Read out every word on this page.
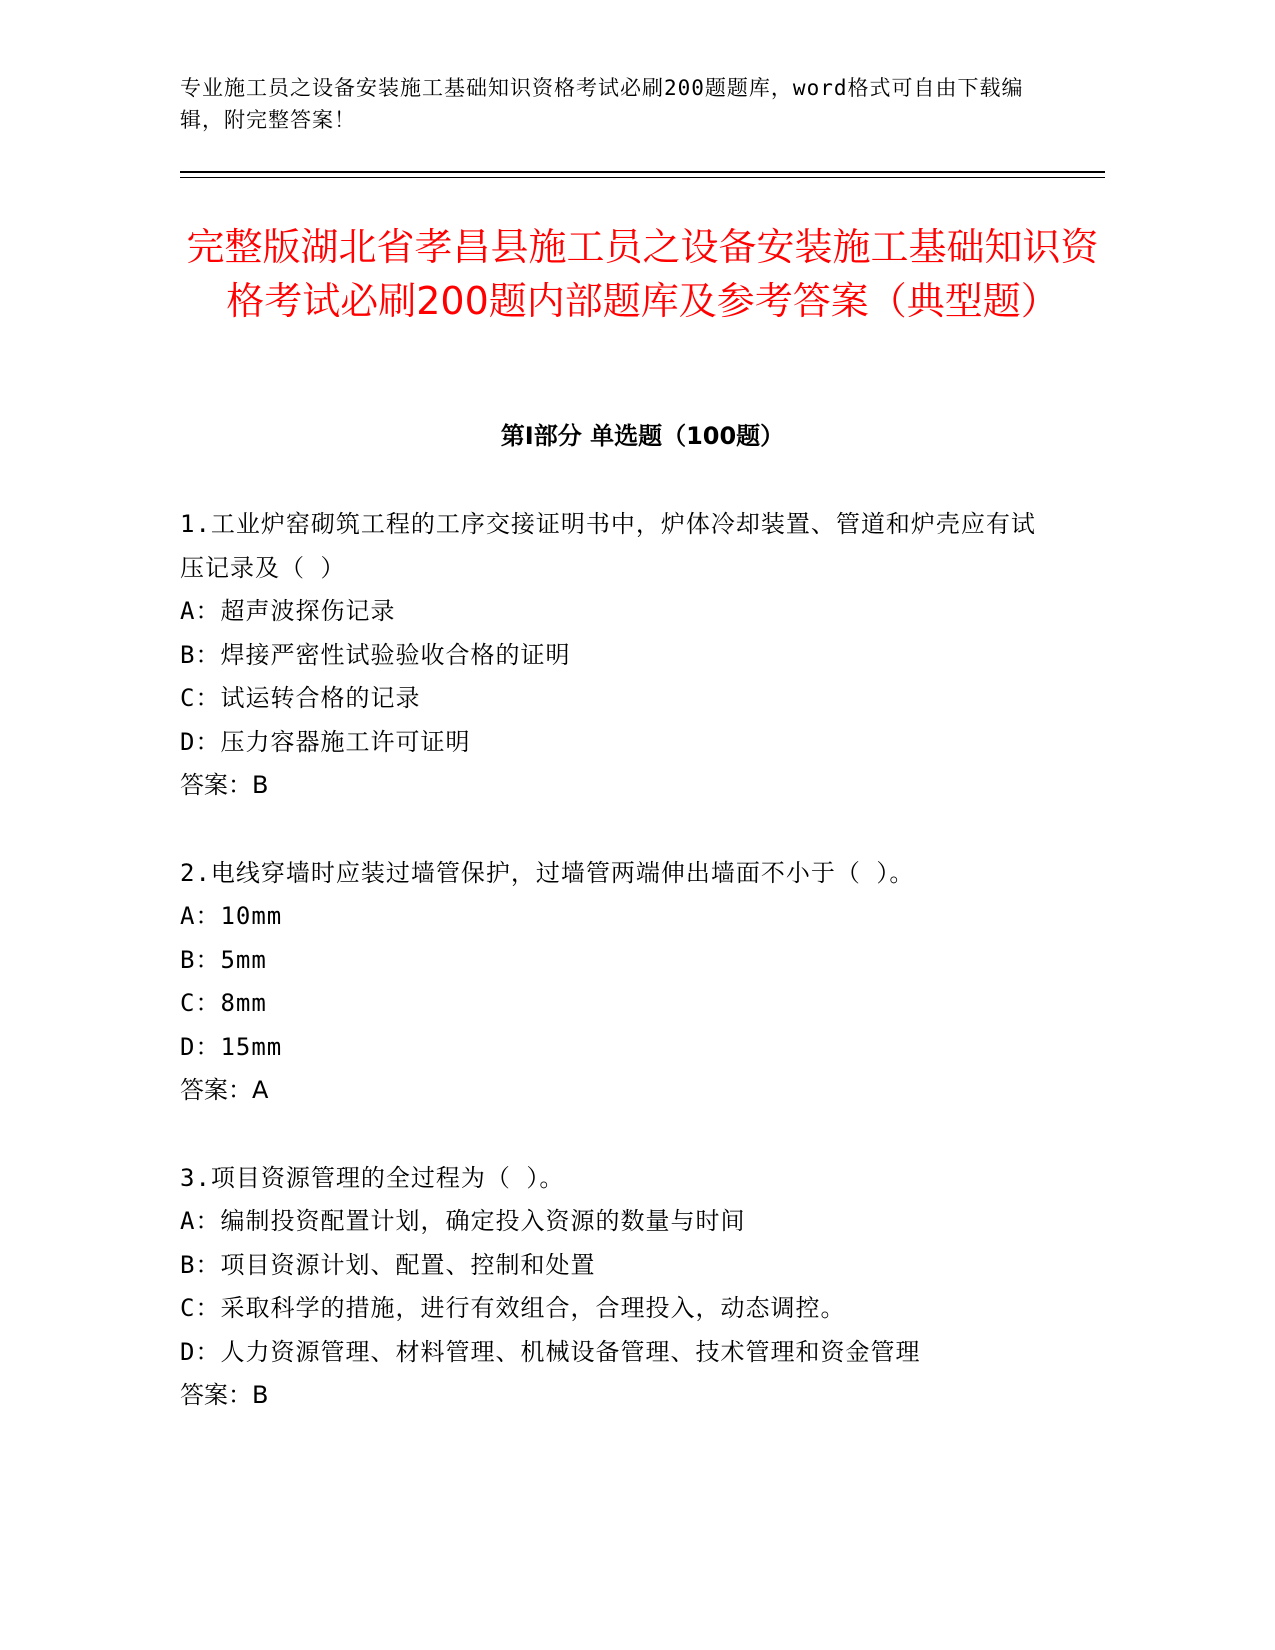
专业施工员之设备安装施工基础知识资格考试必刷200题题库，word格式可自由下载编辑，附完整答案！
完整版湖北省孝昌县施工员之设备安装施工基础知识资格考试必刷200题内部题库及参考答案（典型题）
第Ⅰ部分 单选题（100题）
1.工业炉窑砌筑工程的工序交接证明书中，炉体冷却装置、管道和炉壳应有试压记录及（ ）
A：超声波探伤记录
B：焊接严密性试验验收合格的证明
C：试运转合格的记录
D：压力容器施工许可证明
答案：B
2.电线穿墙时应装过墙管保护，过墙管两端伸出墙面不小于（ ）。
A：10mm
B：5mm
C：8mm
D：15mm
答案：A
3.项目资源管理的全过程为（ ）。
A：编制投资配置计划，确定投入资源的数量与时间
B：项目资源计划、配置、控制和处置
C：采取科学的措施，进行有效组合，合理投入，动态调控。
D：人力资源管理、材料管理、机械设备管理、技术管理和资金管理
答案：B
